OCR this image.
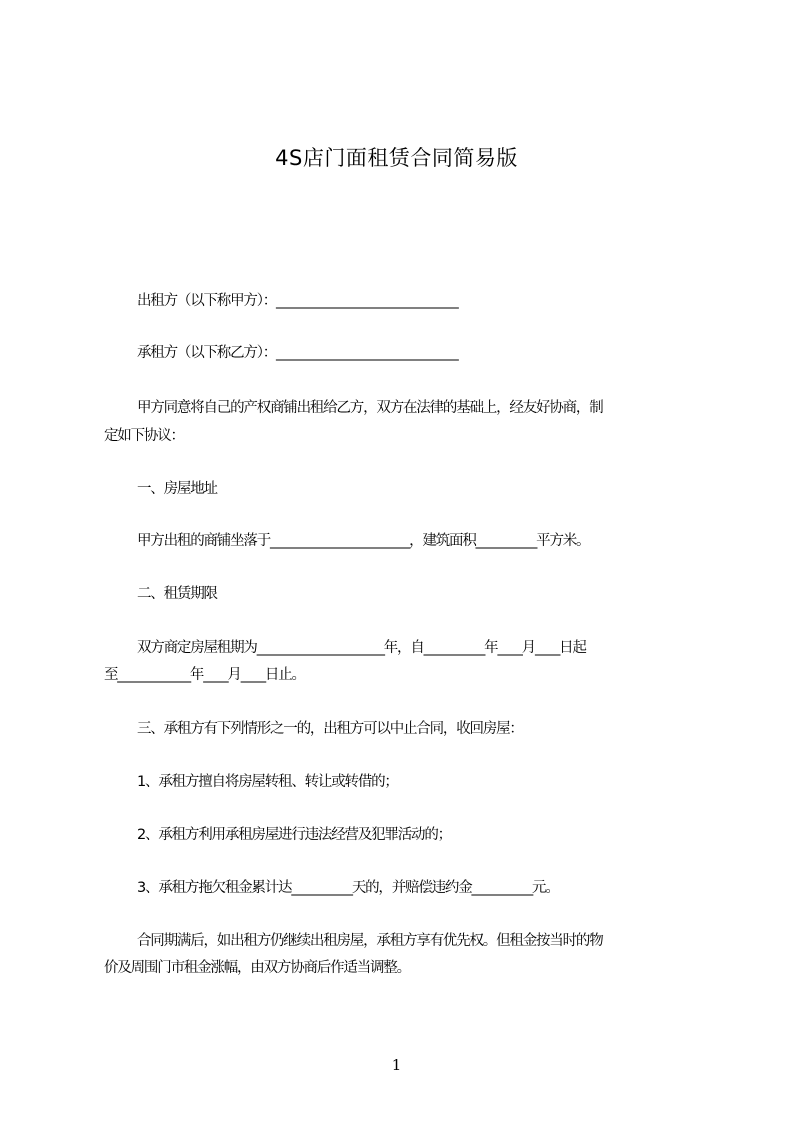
4S店门面租赁合同简易版
出租方（以下称甲方）：______________________________
承租方（以下称乙方）：______________________________
甲方同意将自己的产权商铺出租给乙方，双方在法律的基础上，经友好协商，制
定如下协议：
一、房屋地址
甲方出租的商铺坐落于_______________________，建筑面积__________平方米。
二、租赁期限
双方商定房屋租期为_____________________年，自__________年____月____日起
至____________年____月____日止。
三、承租方有下列情形之一的，出租方可以中止合同，收回房屋：
1、承租方擅自将房屋转租、转让或转借的；
2、承租方利用承租房屋进行违法经营及犯罪活动的；
3、承租方拖欠租金累计达__________天的，并赔偿违约金__________元。
合同期满后，如出租方仍继续出租房屋，承租方享有优先权。但租金按当时的物
价及周围门市租金涨幅，由双方协商后作适当调整。
1
